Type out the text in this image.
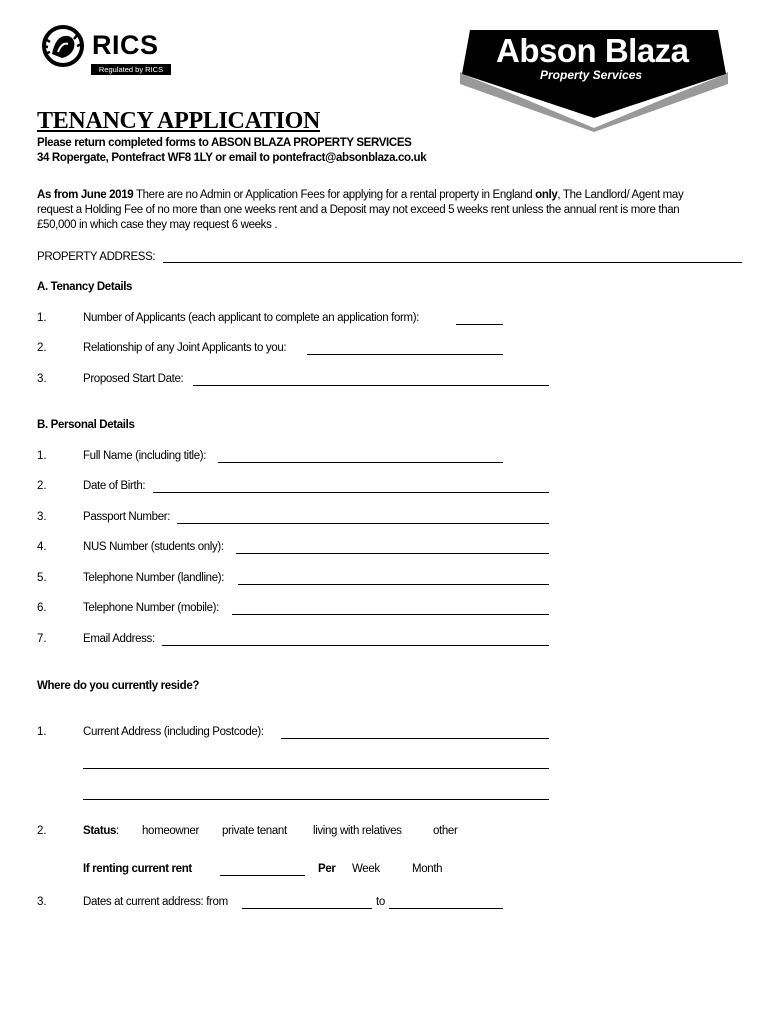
RICS
Regulated by RICS
Abson Blaza
Property Services
TENANCY APPLICATION
Please return completed forms to ABSON BLAZA PROPERTY SERVICES
34 Ropergate, Pontefract WF8 1LY or email to pontefract@absonblaza.co.uk
As from June 2019 There are no Admin or Application Fees for applying for a rental property in England only, The Landlord/ Agent may
request a Holding Fee of no more than one weeks rent and a Deposit may not exceed 5 weeks rent unless the annual rent is more than
£50,000 in which case they may request 6 weeks .
PROPERTY ADDRESS:
A. Tenancy Details
1.	Number of Applicants (each applicant to complete an application form):
2.	Relationship of any Joint Applicants to you:
3.	Proposed Start Date:
B. Personal Details
1.	Full Name (including title):
2.	Date of Birth:
3.	Passport Number:
4.	NUS Number (students only):
5.	Telephone Number (landline):
6.	Telephone Number (mobile):
7.	Email Address:
Where do you currently reside?
1.	Current Address (including Postcode):
2.	Status: homeowner private tenant living with relatives	other
If renting current rent	Per Week	Month
3.	Dates at current address: from	to
